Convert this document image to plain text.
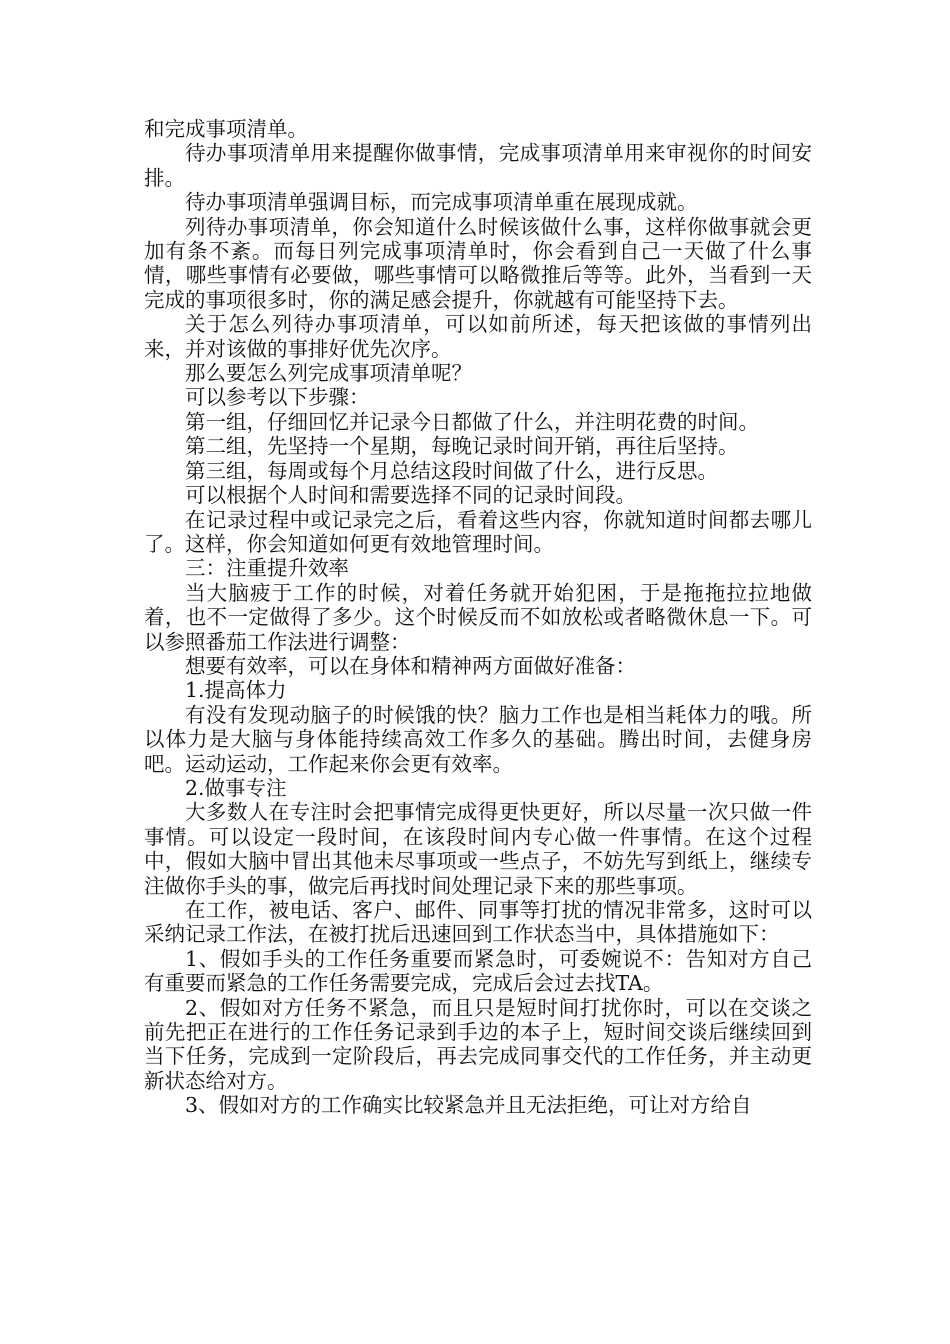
和完成事项清单。

待办事项清单用来提醒你做事情，完成事项清单用来审视你的时间安排。

待办事项清单强调目标，而完成事项清单重在展现成就。

列待办事项清单，你会知道什么时候该做什么事，这样你做事就会更加有条不紊。而每日列完成事项清单时，你会看到自己一天做了什么事情，哪些事情有必要做，哪些事情可以略微推后等等。此外，当看到一天完成的事项很多时，你的满足感会提升，你就越有可能坚持下去。

关于怎么列待办事项清单，可以如前所述，每天把该做的事情列出来，并对该做的事排好优先次序。

那么要怎么列完成事项清单呢？

可以参考以下步骤：

第一组，仔细回忆并记录今日都做了什么，并注明花费的时间。

第二组，先坚持一个星期，每晚记录时间开销，再往后坚持。

第三组，每周或每个月总结这段时间做了什么，进行反思。

可以根据个人时间和需要选择不同的记录时间段。

在记录过程中或记录完之后，看着这些内容，你就知道时间都去哪儿了。这样，你会知道如何更有效地管理时间。

三：注重提升效率

当大脑疲于工作的时候，对着任务就开始犯困，于是拖拖拉拉地做着，也不一定做得了多少。这个时候反而不如放松或者略微休息一下。可以参照番茄工作法进行调整：

想要有效率，可以在身体和精神两方面做好准备：

1.提高体力

有没有发现动脑子的时候饿的快？脑力工作也是相当耗体力的哦。所以体力是大脑与身体能持续高效工作多久的基础。腾出时间，去健身房吧。运动运动，工作起来你会更有效率。

2.做事专注

大多数人在专注时会把事情完成得更快更好，所以尽量一次只做一件事情。可以设定一段时间，在该段时间内专心做一件事情。在这个过程中，假如大脑中冒出其他未尽事项或一些点子，不妨先写到纸上，继续专注做你手头的事，做完后再找时间处理记录下来的那些事项。

在工作，被电话、客户、邮件、同事等打扰的情况非常多，这时可以采纳记录工作法，在被打扰后迅速回到工作状态当中，具体措施如下：

1、假如手头的工作任务重要而紧急时，可委婉说不：告知对方自己有重要而紧急的工作任务需要完成，完成后会过去找TA。

2、假如对方任务不紧急，而且只是短时间打扰你时，可以在交谈之前先把正在进行的工作任务记录到手边的本子上，短时间交谈后继续回到当下任务，完成到一定阶段后，再去完成同事交代的工作任务，并主动更新状态给对方。

3、假如对方的工作确实比较紧急并且无法拒绝，可让对方给自
